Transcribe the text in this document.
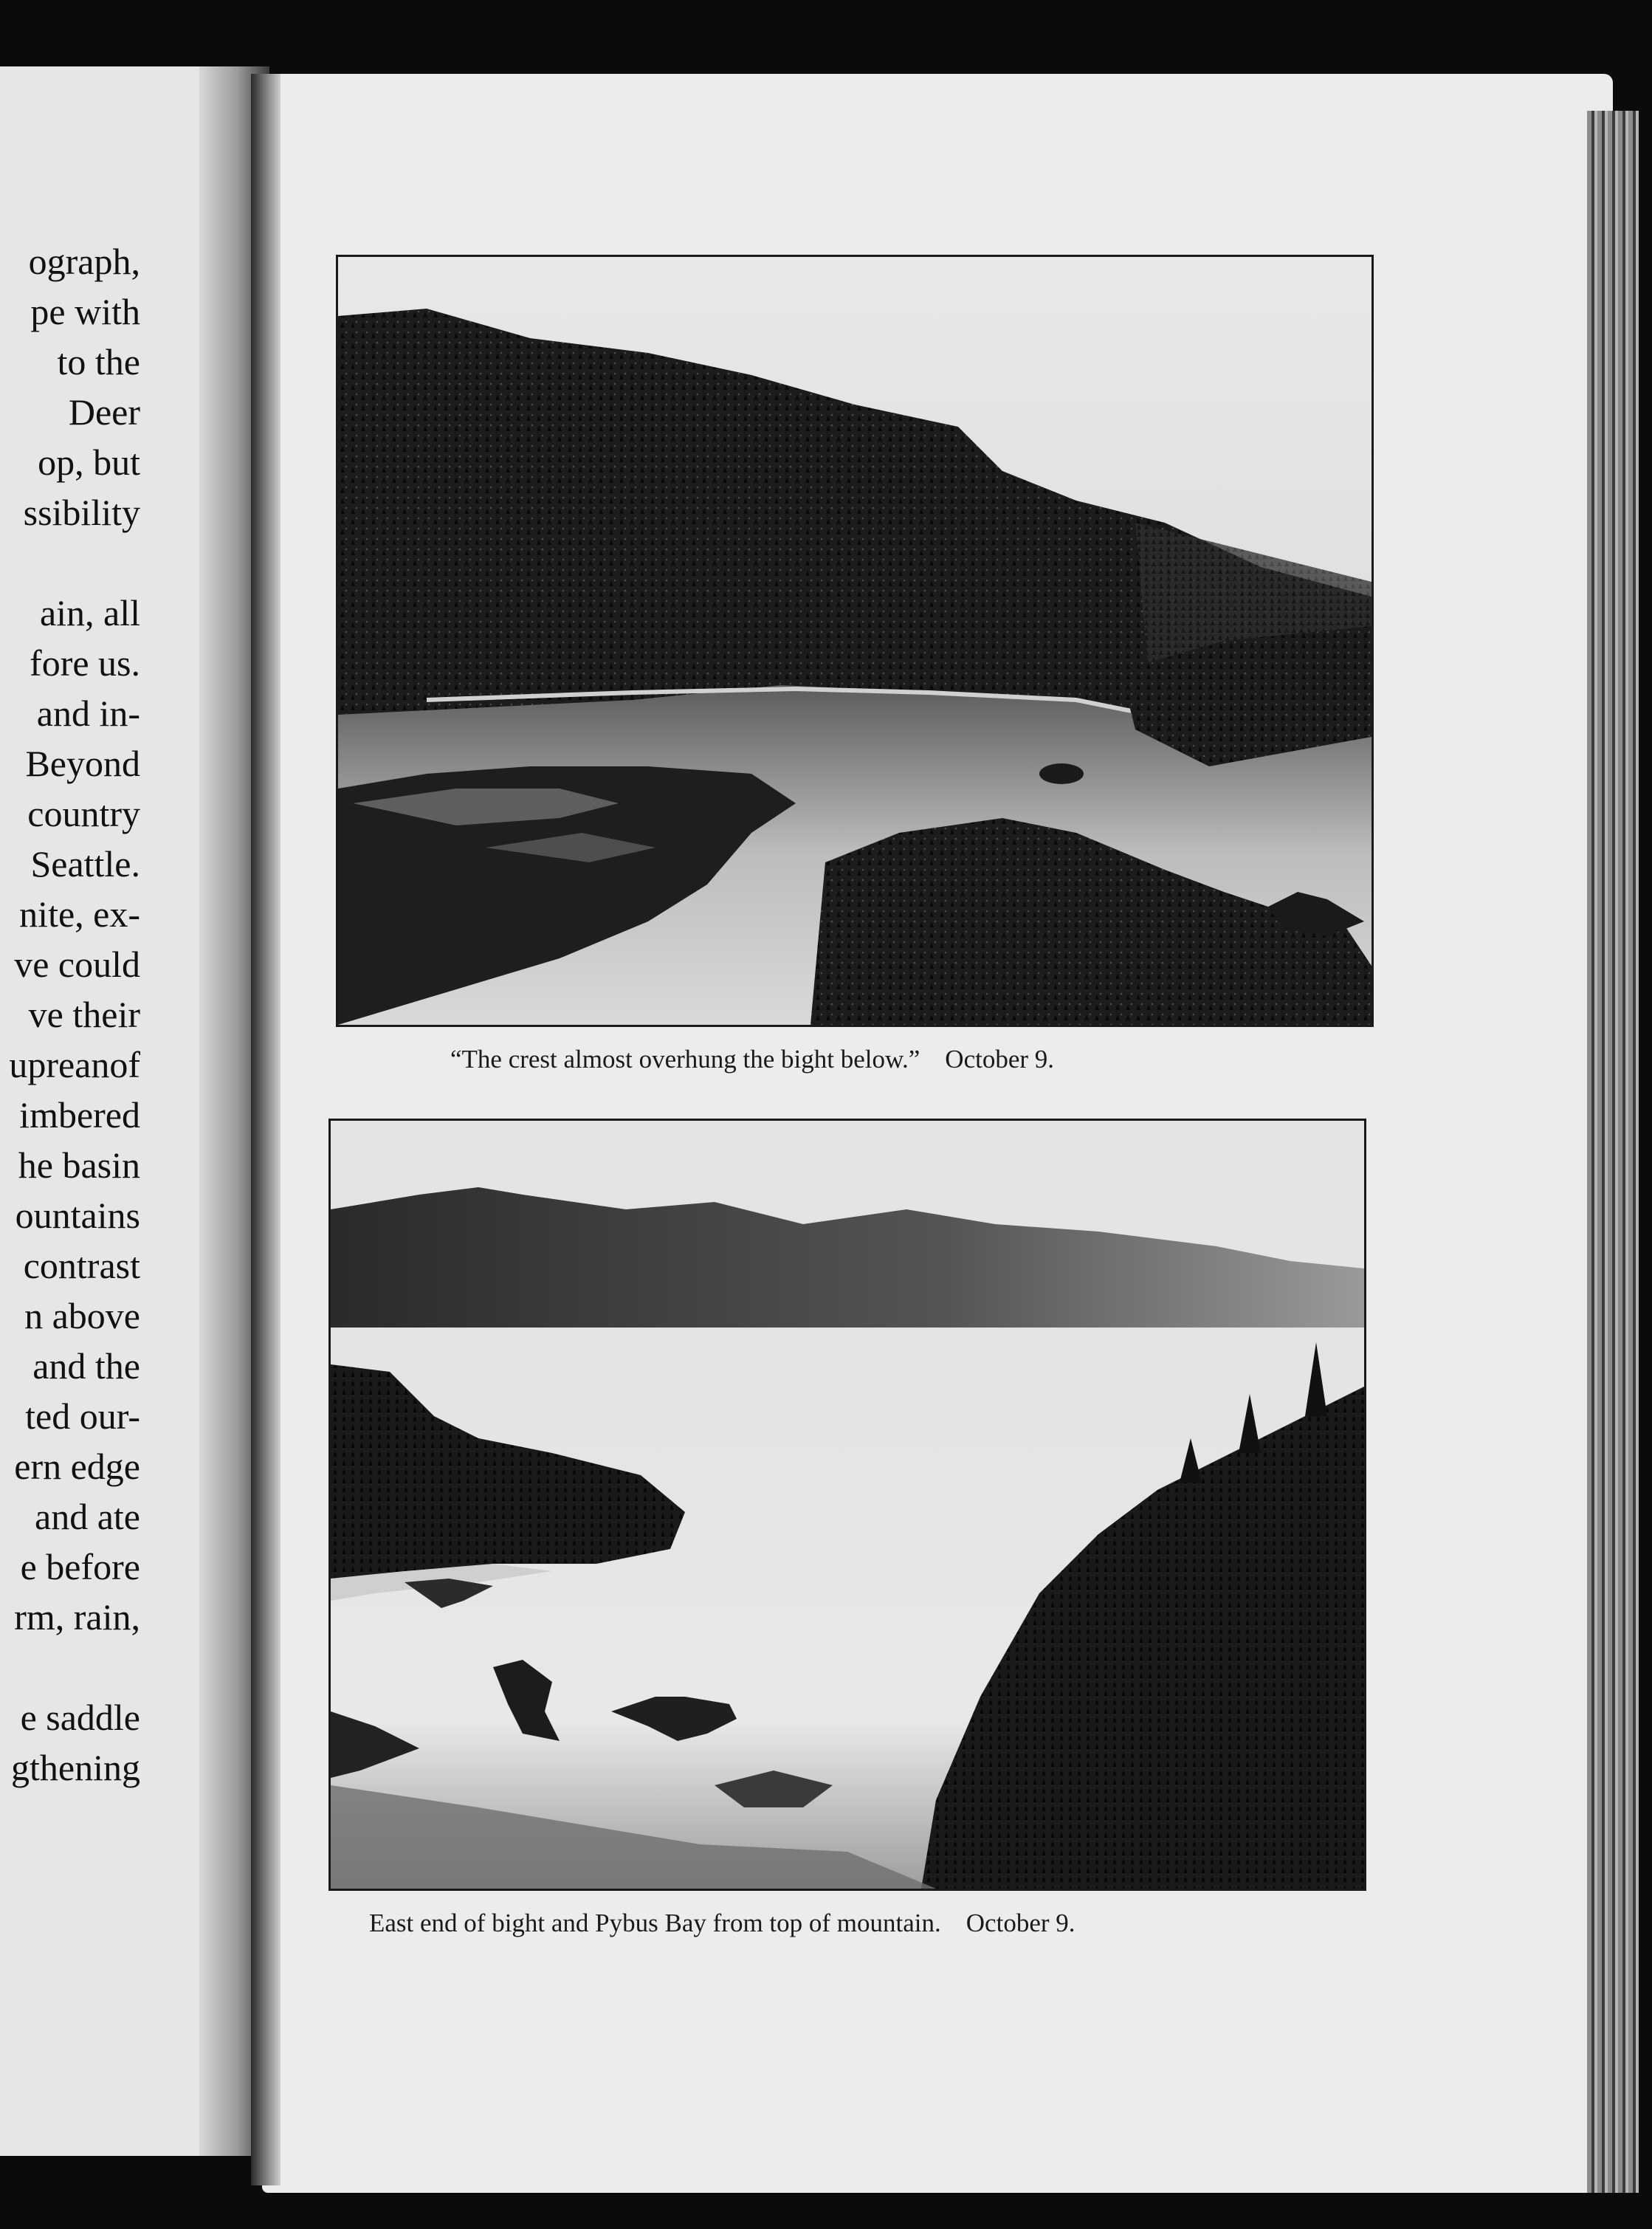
ograph,
pe with
to the
Deer
op, but
ssibility
ain, all
fore us.
and in-
Beyond
country
Seattle.
nite, ex-
ve could
ve their
upreanof
imbered
he basin
ountains
contrast
n above
and the
ted our-
ern edge
and ate
e before
rm, rain,
e saddle
gthening
“The crest almost overhung the bight below.” October 9.
East end of bight and Pybus Bay from top of mountain. October 9.
